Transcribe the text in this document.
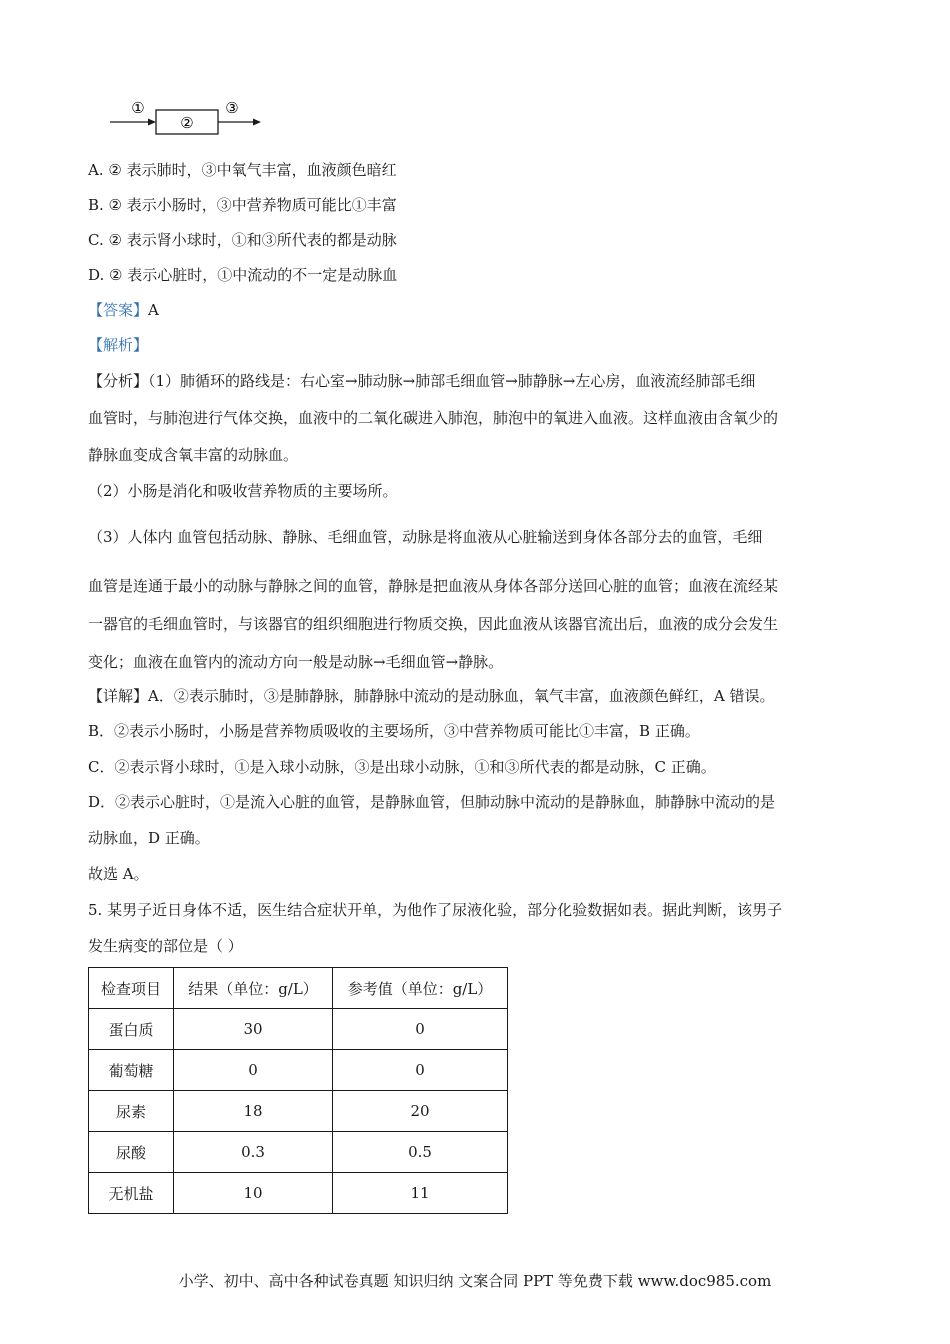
①
②
③
A. ② 表示肺时，③中氧气丰富，血液颜色暗红
B. ② 表示小肠时，③中营养物质可能比①丰富
C. ② 表示肾小球时，①和③所代表的都是动脉
D. ② 表示心脏时，①中流动的不一定是动脉血
【答案】A
【解析】
【分析】（1）肺循环的路线是：右心室→肺动脉→肺部毛细血管→肺静脉→左心房，血液流经肺部毛细
血管时，与肺泡进行气体交换，血液中的二氧化碳进入肺泡，肺泡中的氧进入血液。这样血液由含氧少的
静脉血变成含氧丰富的动脉血。
（2）小肠是消化和吸收营养物质的主要场所。
（3）人体内 血管包括动脉、静脉、毛细血管，动脉是将血液从心脏输送到身体各部分去的血管，毛细
血管是连通于最小的动脉与静脉之间的血管，静脉是把血液从身体各部分送回心脏的血管；血液在流经某
一器官的毛细血管时，与该器官的组织细胞进行物质交换，因此血液从该器官流出后，血液的成分会发生
变化；血液在血管内的流动方向一般是动脉→毛细血管→静脉。
【详解】A．②表示肺时，③是肺静脉，肺静脉中流动的是动脉血，氧气丰富，血液颜色鲜红，A 错误。
B．②表示小肠时，小肠是营养物质吸收的主要场所，③中营养物质可能比①丰富，B 正确。
C．②表示肾小球时，①是入球小动脉，③是出球小动脉，①和③所代表的都是动脉，C 正确。
D．②表示心脏时，①是流入心脏的血管，是静脉血管，但肺动脉中流动的是静脉血，肺静脉中流动的是
动脉血，D 正确。
故选 A。
5. 某男子近日身体不适，医生结合症状开单，为他作了尿液化验，部分化验数据如表。据此判断，该男子
发生病变的部位是（ ）
检查项目	结果（单位：g/L）	参考值（单位：g/L）
蛋白质	30	0
葡萄糖	0	0
尿素	18	20
尿酸	0.3	0.5
无机盐	10	11
小学、初中、高中各种试卷真题 知识归纳 文案合同 PPT 等免费下载 www.doc985.com
